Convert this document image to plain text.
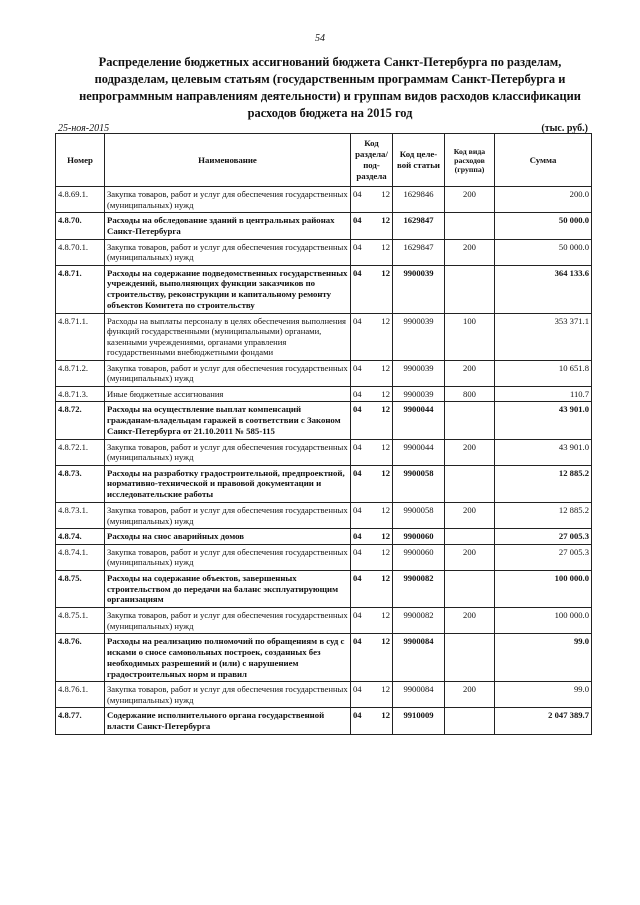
54
Распределение бюджетных ассигнований бюджета Санкт-Петербурга по разделам,
подразделам, целевым статьям (государственным программам Санкт-Петербурга и
непрограммным направлениям деятельности) и группам видов расходов классификации
расходов бюджета на 2015 год
25-ноя-2015	(тыс. руб.)
Номер	Наименование	Код раздела/ под- раздела	Код целе- вой статьи	Код вида расходов (группа)	Сумма
4.8.69.1.	Закупка товаров, работ и услуг для обеспечения государственных (муниципальных) нужд	04 12	1629846	200	200.0
4.8.70.	Расходы на обследование зданий в центральных районах Санкт-Петербурга	04 12	1629847		50 000.0
4.8.70.1.	Закупка товаров, работ и услуг для обеспечения государственных (муниципальных) нужд	04 12	1629847	200	50 000.0
4.8.71.	Расходы на содержание подведомственных государственных учреждений, выполняющих функции заказчиков по строительству, реконструкции и капитальному ремонту объектов Комитета по строительству	04 12	9900039		364 133.6
4.8.71.1.	Расходы на выплаты персоналу в целях обеспечения выполнения функций государственными (муниципальными) органами, казенными учреждениями, органами управления государственными внебюджетными фондами	04 12	9900039	100	353 371.1
4.8.71.2.	Закупка товаров, работ и услуг для обеспечения государственных (муниципальных) нужд	04 12	9900039	200	10 651.8
4.8.71.3.	Иные бюджетные ассигнования	04 12	9900039	800	110.7
4.8.72.	Расходы на осуществление выплат компенсаций гражданам-владельцам гаражей в соответствии с Законом Санкт-Петербурга от 21.10.2011 № 585-115	04 12	9900044		43 901.0
4.8.72.1.	Закупка товаров, работ и услуг для обеспечения государственных (муниципальных) нужд	04 12	9900044	200	43 901.0
4.8.73.	Расходы на разработку градостроительной, предпроектной, нормативно-технической и правовой документации и исследовательские работы	04 12	9900058		12 885.2
4.8.73.1.	Закупка товаров, работ и услуг для обеспечения государственных (муниципальных) нужд	04 12	9900058	200	12 885.2
4.8.74.	Расходы на снос аварийных домов	04 12	9900060		27 005.3
4.8.74.1.	Закупка товаров, работ и услуг для обеспечения государственных (муниципальных) нужд	04 12	9900060	200	27 005.3
4.8.75.	Расходы на содержание объектов, завершенных строительством до передачи на баланс эксплуатирующим организациям	04 12	9900082		100 000.0
4.8.75.1.	Закупка товаров, работ и услуг для обеспечения государственных (муниципальных) нужд	04 12	9900082	200	100 000.0
4.8.76.	Расходы на реализацию полномочий по обращениям в суд с исками о сносе самовольных построек, созданных без необходимых разрешений и (или) с нарушением градостроительных норм и правил	04 12	9900084		99.0
4.8.76.1.	Закупка товаров, работ и услуг для обеспечения государственных (муниципальных) нужд	04 12	9900084	200	99.0
4.8.77.	Содержание исполнительного органа государственной власти Санкт-Петербурга	04 12	9910009		2 047 389.7
